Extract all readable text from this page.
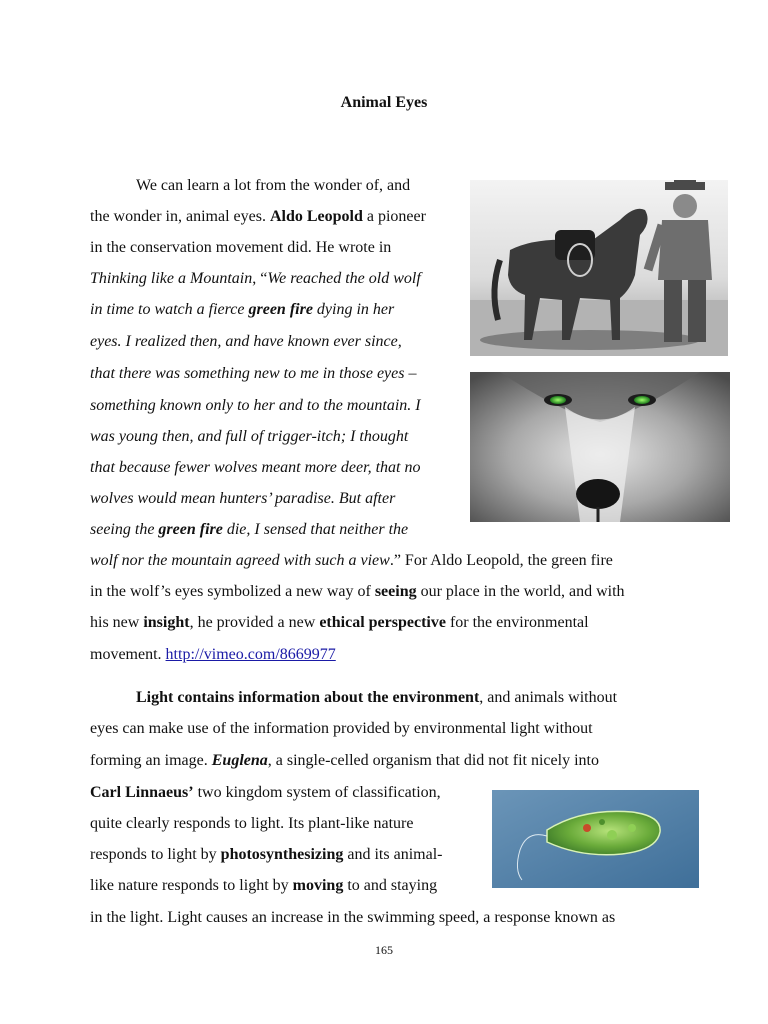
Animal Eyes
We can learn a lot from the wonder of, and
the wonder in, animal eyes. Aldo Leopold a pioneer
in the conservation movement did. He wrote in
Thinking like a Mountain, “We reached the old wolf
in time to watch a fierce green fire dying in her
eyes. I realized then, and have known ever since,
that there was something new to me in those eyes –
something known only to her and to the mountain. I
was young then, and full of trigger-itch; I thought
that because fewer wolves meant more deer, that no
wolves would mean hunters’ paradise. But after
seeing the green fire die, I sensed that neither the
wolf nor the mountain agreed with such a view.” For Aldo Leopold, the green fire
in the wolf’s eyes symbolized a new way of seeing our place in the world, and with
his new insight, he provided a new ethical perspective for the environmental
movement. http://vimeo.com/8669977
Light contains information about the environment, and animals without
eyes can make use of the information provided by environmental light without
forming an image. Euglena, a single-celled organism that did not fit nicely into
Carl Linnaeus’ two kingdom system of classification,
quite clearly responds to light. Its plant-like nature
responds to light by photosynthesizing and its animal-
like nature responds to light by moving to and staying
in the light. Light causes an increase in the swimming speed, a response known as
165
